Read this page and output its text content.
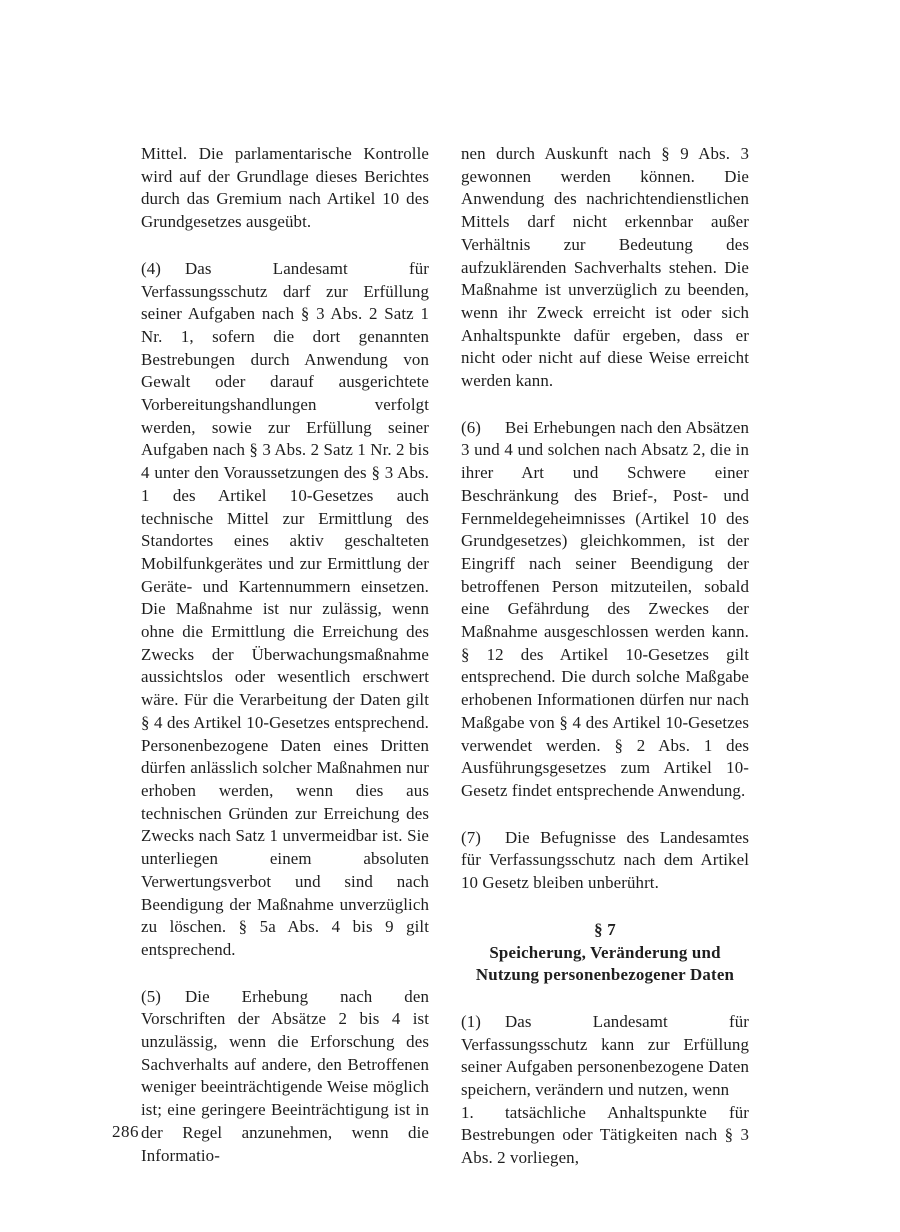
Mittel. Die parlamentarische Kontrolle wird auf der Grundlage dieses Berichtes durch das Gremium nach Artikel 10 des Grundgesetzes ausgeübt.

(4) Das Landesamt für Verfassungsschutz darf zur Erfüllung seiner Aufgaben nach § 3 Abs. 2 Satz 1 Nr. 1, sofern die dort genannten Bestrebungen durch Anwendung von Gewalt oder darauf ausgerichtete Vorbereitungshandlungen verfolgt werden, sowie zur Erfüllung seiner Aufgaben nach § 3 Abs. 2 Satz 1 Nr. 2 bis 4 unter den Voraussetzungen des § 3 Abs. 1 des Artikel 10-Gesetzes auch technische Mittel zur Ermittlung des Standortes eines aktiv geschalteten Mobilfunkgerätes und zur Ermittlung der Geräte- und Kartennummern einsetzen. Die Maßnahme ist nur zulässig, wenn ohne die Ermittlung die Erreichung des Zwecks der Überwachungsmaßnahme aussichtslos oder wesentlich erschwert wäre. Für die Verarbeitung der Daten gilt § 4 des Artikel 10-Gesetzes entsprechend. Personenbezogene Daten eines Dritten dürfen anlässlich solcher Maßnahmen nur erhoben werden, wenn dies aus technischen Gründen zur Erreichung des Zwecks nach Satz 1 unvermeidbar ist. Sie unterliegen einem absoluten Verwertungsverbot und sind nach Beendigung der Maßnahme unverzüglich zu löschen. § 5a Abs. 4 bis 9 gilt entsprechend.

(5) Die Erhebung nach den Vorschriften der Absätze 2 bis 4 ist unzulässig, wenn die Erforschung des Sachverhalts auf andere, den Betroffenen weniger beeinträchtigende Weise möglich ist; eine geringere Beeinträchtigung ist in der Regel anzunehmen, wenn die Informatio-

nen durch Auskunft nach § 9 Abs. 3 gewonnen werden können. Die Anwendung des nachrichtendienstlichen Mittels darf nicht erkennbar außer Verhältnis zur Bedeutung des aufzuklärenden Sachverhalts stehen. Die Maßnahme ist unverzüglich zu beenden, wenn ihr Zweck erreicht ist oder sich Anhaltspunkte dafür ergeben, dass er nicht oder nicht auf diese Weise erreicht werden kann.

(6) Bei Erhebungen nach den Absätzen 3 und 4 und solchen nach Absatz 2, die in ihrer Art und Schwere einer Beschränkung des Brief-, Post- und Fernmeldegeheimnisses (Artikel 10 des Grundgesetzes) gleichkommen, ist der Eingriff nach seiner Beendigung der betroffenen Person mitzuteilen, sobald eine Gefährdung des Zweckes der Maßnahme ausgeschlossen werden kann. § 12 des Artikel 10-Gesetzes gilt entsprechend. Die durch solche Maßgabe erhobenen Informationen dürfen nur nach Maßgabe von § 4 des Artikel 10-Gesetzes verwendet werden. § 2 Abs. 1 des Ausführungsgesetzes zum Artikel 10-Gesetz findet entsprechende Anwendung.

(7) Die Befugnisse des Landesamtes für Verfassungsschutz nach dem Artikel 10 Gesetz bleiben unberührt.

§ 7
Speicherung, Veränderung und
Nutzung personenbezogener Daten

(1) Das Landesamt für Verfassungsschutz kann zur Erfüllung seiner Aufgaben personenbezogene Daten speichern, verändern und nutzen, wenn

1. tatsächliche Anhaltspunkte für Bestrebungen oder Tätigkeiten nach § 3 Abs. 2 vorliegen,

286
